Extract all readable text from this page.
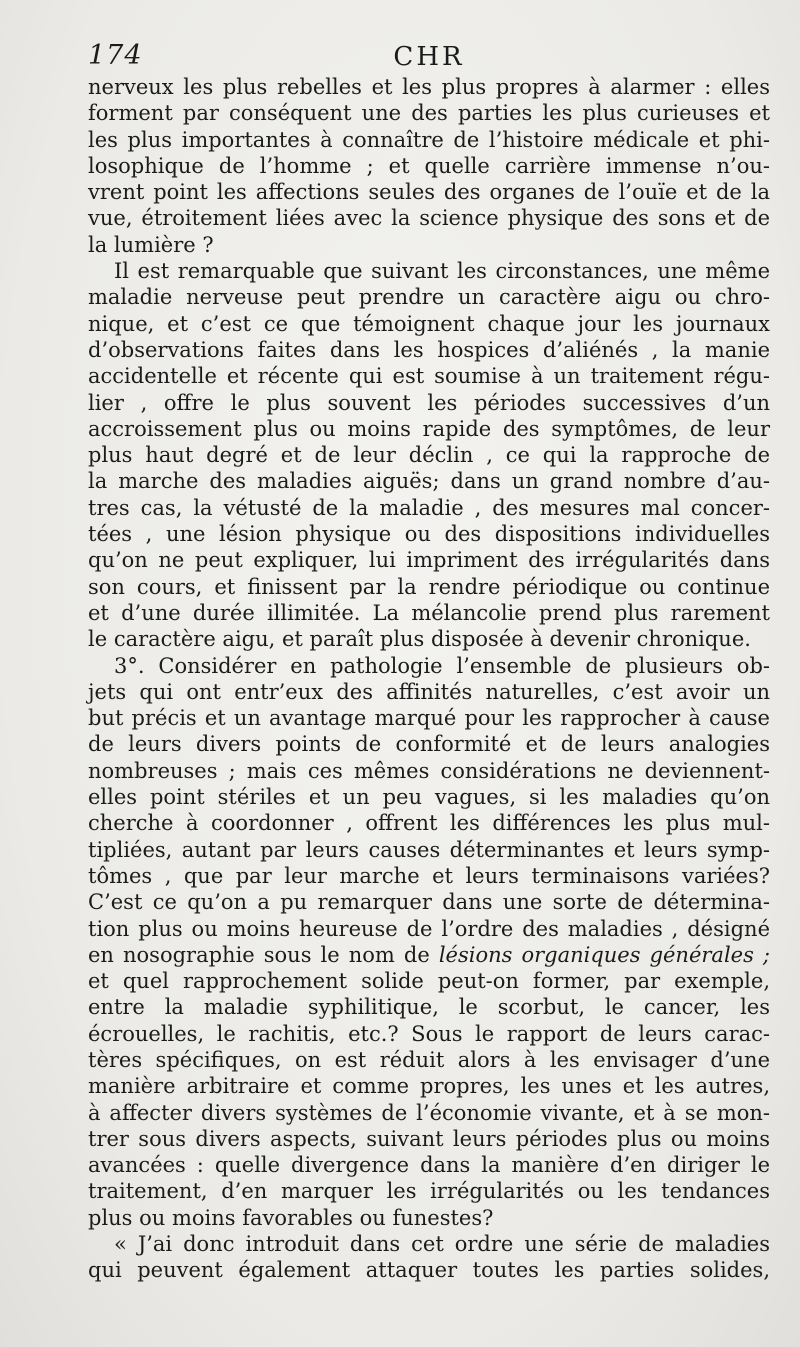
174	CHR
nerveux les plus rebelles et les plus propres à alarmer : elles
forment par conséquent une des parties les plus curieuses et
les plus importantes à connaître de l’histoire médicale et phi-
losophique de l’homme ; et quelle carrière immense n’ou-
vrent point les affections seules des organes de l’ouïe et de la
vue, étroitement liées avec la science physique des sons et de
la lumière ?
Il est remarquable que suivant les circonstances, une même
maladie nerveuse peut prendre un caractère aigu ou chro-
nique, et c’est ce que témoignent chaque jour les journaux
d’observations faites dans les hospices d’aliénés , la manie
accidentelle et récente qui est soumise à un traitement régu-
lier , offre le plus souvent les périodes successives d’un
accroissement plus ou moins rapide des symptômes, de leur
plus haut degré et de leur déclin , ce qui la rapproche de
la marche des maladies aiguës; dans un grand nombre d’au-
tres cas, la vétusté de la maladie , des mesures mal concer-
tées , une lésion physique ou des dispositions individuelles
qu’on ne peut expliquer, lui impriment des irrégularités dans
son cours, et finissent par la rendre périodique ou continue
et d’une durée illimitée. La mélancolie prend plus rarement
le caractère aigu, et paraît plus disposée à devenir chronique.
3°. Considérer en pathologie l’ensemble de plusieurs ob-
jets qui ont entr’eux des affinités naturelles, c’est avoir un
but précis et un avantage marqué pour les rapprocher à cause
de leurs divers points de conformité et de leurs analogies
nombreuses ; mais ces mêmes considérations ne deviennent-
elles point stériles et un peu vagues, si les maladies qu’on
cherche à coordonner , offrent les différences les plus mul-
tipliées, autant par leurs causes déterminantes et leurs symp-
tômes , que par leur marche et leurs terminaisons variées?
C’est ce qu’on a pu remarquer dans une sorte de détermina-
tion plus ou moins heureuse de l’ordre des maladies , désigné
en nosographie sous le nom de lésions organiques générales ;
et quel rapprochement solide peut-on former, par exemple,
entre la maladie syphilitique, le scorbut, le cancer, les
écrouelles, le rachitis, etc.? Sous le rapport de leurs carac-
tères spécifiques, on est réduit alors à les envisager d’une
manière arbitraire et comme propres, les unes et les autres,
à affecter divers systèmes de l’économie vivante, et à se mon-
trer sous divers aspects, suivant leurs périodes plus ou moins
avancées : quelle divergence dans la manière d’en diriger le
traitement, d’en marquer les irrégularités ou les tendances
plus ou moins favorables ou funestes?
« J’ai donc introduit dans cet ordre une série de maladies
qui peuvent également attaquer toutes les parties solides,
